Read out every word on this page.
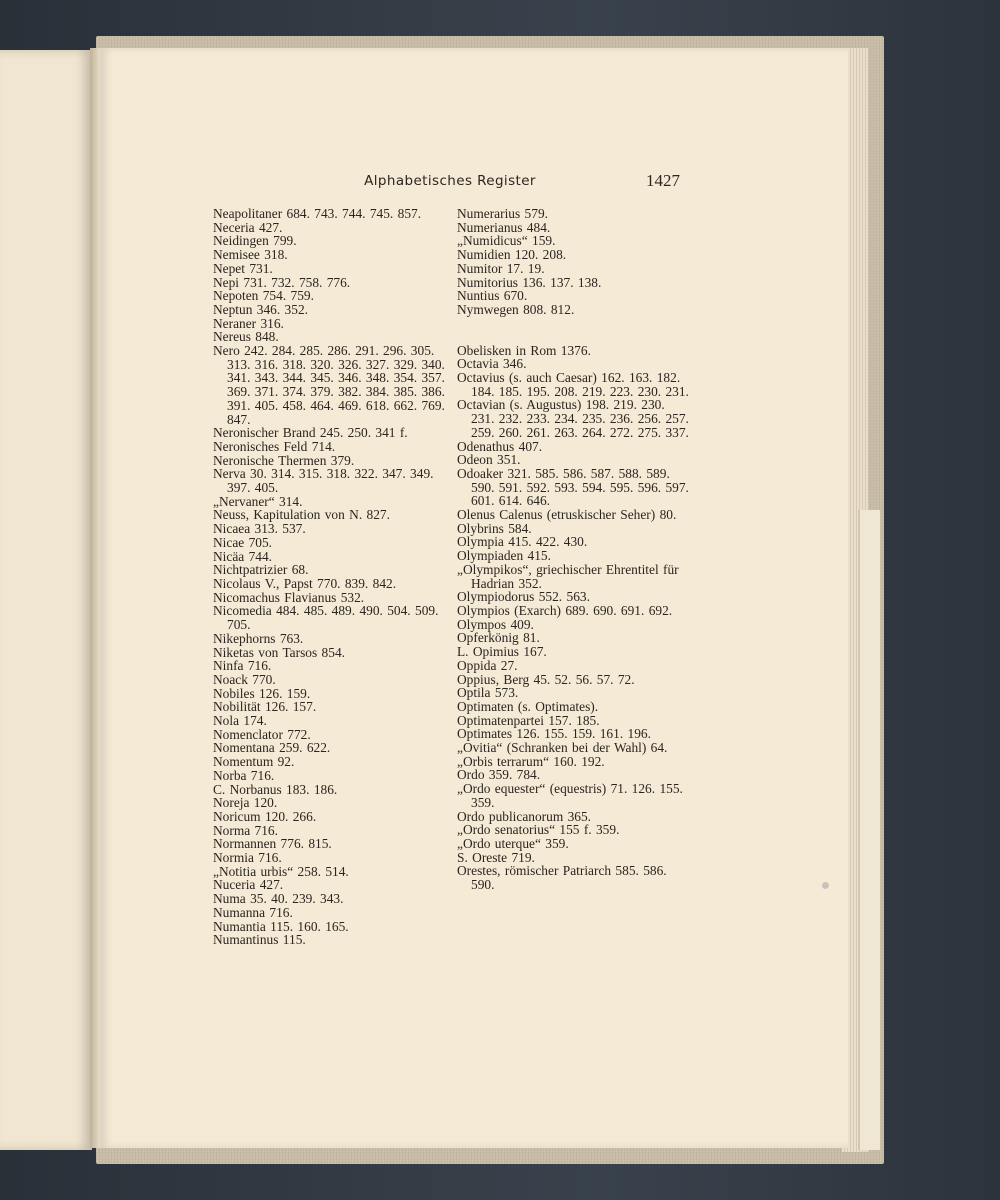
Alphabetisches Register	1427
Neapolitaner 684. 743. 744. 745. 857.
Neceria 427.
Neidingen 799.
Nemisee 318.
Nepet 731.
Nepi 731. 732. 758. 776.
Nepoten 754. 759.
Neptun 346. 352.
Neraner 316.
Nereus 848.
Nero 242. 284. 285. 286. 291. 296. 305. 313. 316. 318. 320. 326. 327. 329. 340. 341. 343. 344. 345. 346. 348. 354. 357. 369. 371. 374. 379. 382. 384. 385. 386. 391. 405. 458. 464. 469. 618. 662. 769. 847.
Neronischer Brand 245. 250. 341 f.
Neronisches Feld 714.
Neronische Thermen 379.
Nerva 30. 314. 315. 318. 322. 347. 349. 397. 405.
„Nervaner“ 314.
Neuss, Kapitulation von N. 827.
Nicaea 313. 537.
Nicae 705.
Nicäa 744.
Nichtpatrizier 68.
Nicolaus V., Papst 770. 839. 842.
Nicomachus Flavianus 532.
Nicomedia 484. 485. 489. 490. 504. 509. 705.
Nikephorns 763.
Niketas von Tarsos 854.
Ninfa 716.
Noack 770.
Nobiles 126. 159.
Nobilität 126. 157.
Nola 174.
Nomenclator 772.
Nomentana 259. 622.
Nomentum 92.
Norba 716.
C. Norbanus 183. 186.
Noreja 120.
Noricum 120. 266.
Norma 716.
Normannen 776. 815.
Normia 716.
„Notitia urbis“ 258. 514.
Nuceria 427.
Numa 35. 40. 239. 343.
Numanna 716.
Numantia 115. 160. 165.
Numantinus 115.
Numerarius 579.
Numerianus 484.
„Numidicus“ 159.
Numidien 120. 208.
Numitor 17. 19.
Numitorius 136. 137. 138.
Nuntius 670.
Nymwegen 808. 812.
Obelisken in Rom 1376.
Octavia 346.
Octavius (s. auch Caesar) 162. 163. 182. 184. 185. 195. 208. 219. 223. 230. 231.
Octavian (s. Augustus) 198. 219. 230. 231. 232. 233. 234. 235. 236. 256. 257. 259. 260. 261. 263. 264. 272. 275. 337.
Odenathus 407.
Odeon 351.
Odoaker 321. 585. 586. 587. 588. 589. 590. 591. 592. 593. 594. 595. 596. 597. 601. 614. 646.
Olenus Calenus (etruskischer Seher) 80.
Olybrins 584.
Olympia 415. 422. 430.
Olympiaden 415.
„Olympikos“, griechischer Ehrentitel für Hadrian 352.
Olympiodorus 552. 563.
Olympios (Exarch) 689. 690. 691. 692.
Olympos 409.
Opferkönig 81.
L. Opimius 167.
Oppida 27.
Oppius, Berg 45. 52. 56. 57. 72.
Optila 573.
Optimaten (s. Optimates).
Optimatenpartei 157. 185.
Optimates 126. 155. 159. 161. 196.
„Ovitia“ (Schranken bei der Wahl) 64.
„Orbis terrarum“ 160. 192.
Ordo 359. 784.
„Ordo equester“ (equestris) 71. 126. 155. 359.
Ordo publicanorum 365.
„Ordo senatorius“ 155 f. 359.
„Ordo uterque“ 359.
S. Oreste 719.
Orestes, römischer Patriarch 585. 586. 590.
